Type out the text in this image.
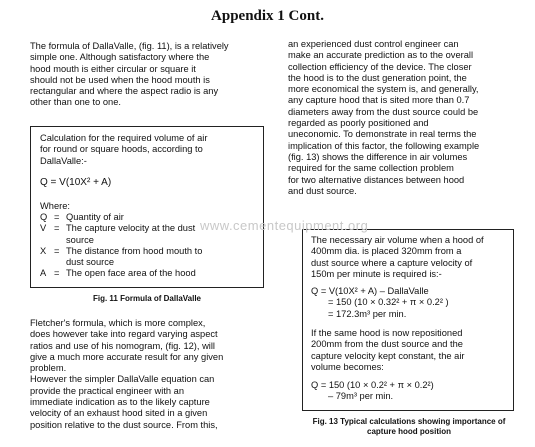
Appendix 1 Cont.
The formula of DallaValle, (fig. 11), is a relatively
simple one. Although satisfactory where the
hood mouth is either circular or square it
should not be used when the hood mouth is
rectangular and where the aspect radio is any
other than one to one.
Calculation for the required volume of air
for round or square hoods, according to
DallaValle:-
Q = V(10X² + A)
Where:
Q = Quantity of air
V = The capture velocity at the dust
source
X = The distance from hood mouth to
dust source
A = The open face area of the hood
Fig. 11 Formula of DallaValle
Fletcher's formula, which is more complex,
does however take into regard varying aspect
ratios and use of his nomogram, (fig. 12), will
give a much more accurate result for any given
problem.
However the simpler DallaValle equation can
provide the practical engineer with an
immediate indication as to the likely capture
velocity of an exhaust hood sited in a given
position relative to the dust source. From this,
an experienced dust control engineer can
make an accurate prediction as to the overall
collection efficiency of the device. The closer
the hood is to the dust generation point, the
more economical the system is, and generally,
any capture hood that is sited more than 0.7
diameters away from the dust source could be
regarded as poorly positioned and
uneconomic. To demonstrate in real terms the
implication of this factor, the following example
(fig. 13) shows the difference in air volumes
required for the same collection problem
for two alternative distances between hood
and dust source.
The necessary air volume when a hood of
400mm dia. is placed 320mm from a
dust source where a capture velocity of
150m per minute is required is:-
Q = V(10X² + A) – DallaValle
= 150 (10 × 0.32² + π × 0.2² )
= 172.3m³ per min.
If the same hood is now repositioned
200mm from the dust source and the
capture velocity kept constant, the air
volume becomes:
Q = 150 (10 × 0.2² + π × 0.2²)
– 79m³ per min.
Fig. 13 Typical calculations showing importance of
capture hood position
www.cementequipment.org
